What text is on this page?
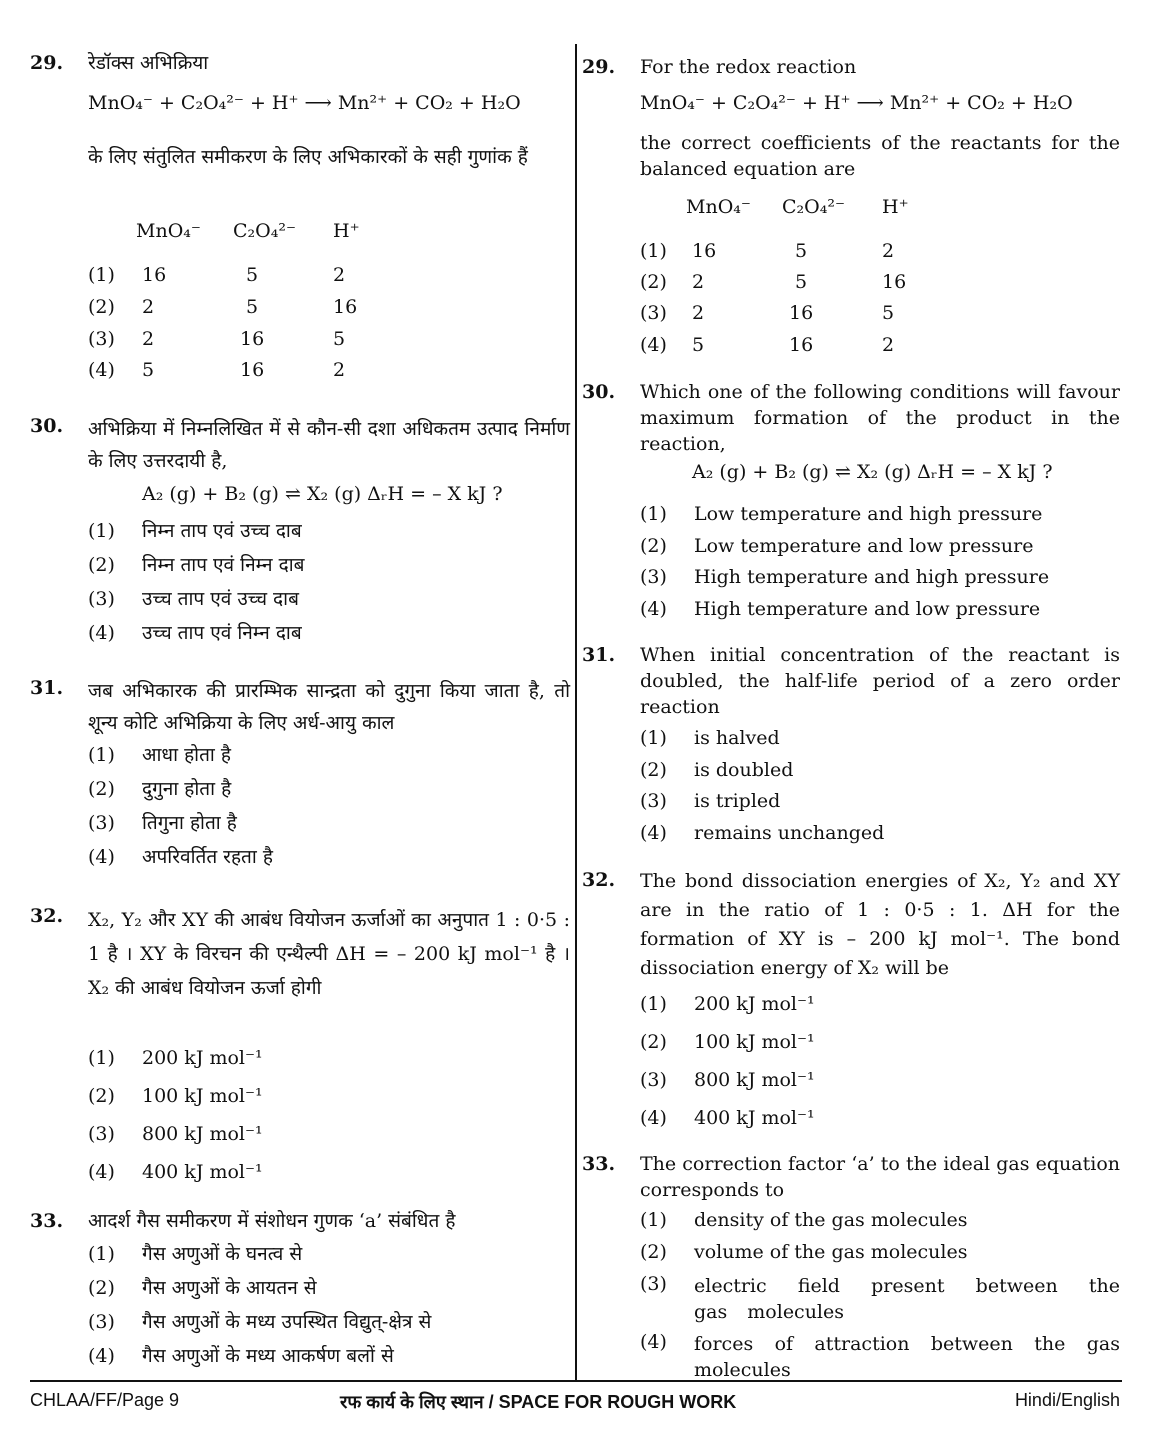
29. रेडॉक्स अभिक्रिया
MnO₄⁻ + C₂O₄²⁻ + H⁺ ⟶ Mn²⁺ + CO₂ + H₂O
के लिए संतुलित समीकरण के लिए अभिकारकों के सही गुणांक हैं
MnO₄⁻ C₂O₄²⁻ H⁺
(1) 16	5	2
(2) 2	5	16
(3) 2	16	5
(4) 5	16	2
30. अभिक्रिया में निम्नलिखित में से कौन-सी दशा अधिकतम उत्पाद निर्माण के लिए उत्तरदायी है,
A₂ (g) + B₂ (g) ⇌ X₂ (g) ΔᵣH = – X kJ ?
(1) निम्न ताप एवं उच्च दाब
(2) निम्न ताप एवं निम्न दाब
(3) उच्च ताप एवं उच्च दाब
(4) उच्च ताप एवं निम्न दाब
31. जब अभिकारक की प्रारम्भिक सान्द्रता को दुगुना किया जाता है, तो शून्य कोटि अभिक्रिया के लिए अर्ध-आयु काल
(1) आधा होता है
(2) दुगुना होता है
(3) तिगुना होता है
(4) अपरिवर्तित रहता है
32. X₂, Y₂ और XY की आबंध वियोजन ऊर्जाओं का अनुपात 1 : 0·5 : 1 है । XY के विरचन की एन्थैल्पी ΔH = – 200 kJ mol⁻¹ है । X₂ की आबंध वियोजन ऊर्जा होगी
(1) 200 kJ mol⁻¹
(2) 100 kJ mol⁻¹
(3) 800 kJ mol⁻¹
(4) 400 kJ mol⁻¹
33. आदर्श गैस समीकरण में संशोधन गुणक ‘a’ संबंधित है
(1) गैस अणुओं के घनत्व से
(2) गैस अणुओं के आयतन से
(3) गैस अणुओं के मध्य उपस्थित विद्युत्-क्षेत्र से
(4) गैस अणुओं के मध्य आकर्षण बलों से
29. For the redox reaction
MnO₄⁻ + C₂O₄²⁻ + H⁺ ⟶ Mn²⁺ + CO₂ + H₂O
the correct coefficients of the reactants for the balanced equation are
MnO₄⁻ C₂O₄²⁻ H⁺
(1) 16	5	2
(2) 2	5	16
(3) 2	16	5
(4) 5	16	2
30. Which one of the following conditions will favour maximum formation of the product in the reaction,
A₂ (g) + B₂ (g) ⇌ X₂ (g) ΔᵣH = – X kJ ?
(1) Low temperature and high pressure
(2) Low temperature and low pressure
(3) High temperature and high pressure
(4) High temperature and low pressure
31. When initial concentration of the reactant is doubled, the half-life period of a zero order reaction
(1) is halved
(2) is doubled
(3) is tripled
(4) remains unchanged
32. The bond dissociation energies of X₂, Y₂ and XY are in the ratio of 1 : 0·5 : 1. ΔH for the formation of XY is – 200 kJ mol⁻¹. The bond dissociation energy of X₂ will be
(1) 200 kJ mol⁻¹
(2) 100 kJ mol⁻¹
(3) 800 kJ mol⁻¹
(4) 400 kJ mol⁻¹
33. The correction factor ‘a’ to the ideal gas equation corresponds to
(1) density of the gas molecules
(2) volume of the gas molecules
(3)	electric field present between the gas molecules
(4)	forces of attraction between the gas molecules
CHLAA/FF/Page 9	रफ कार्य के लिए स्थान / SPACE FOR ROUGH WORK	Hindi/English
